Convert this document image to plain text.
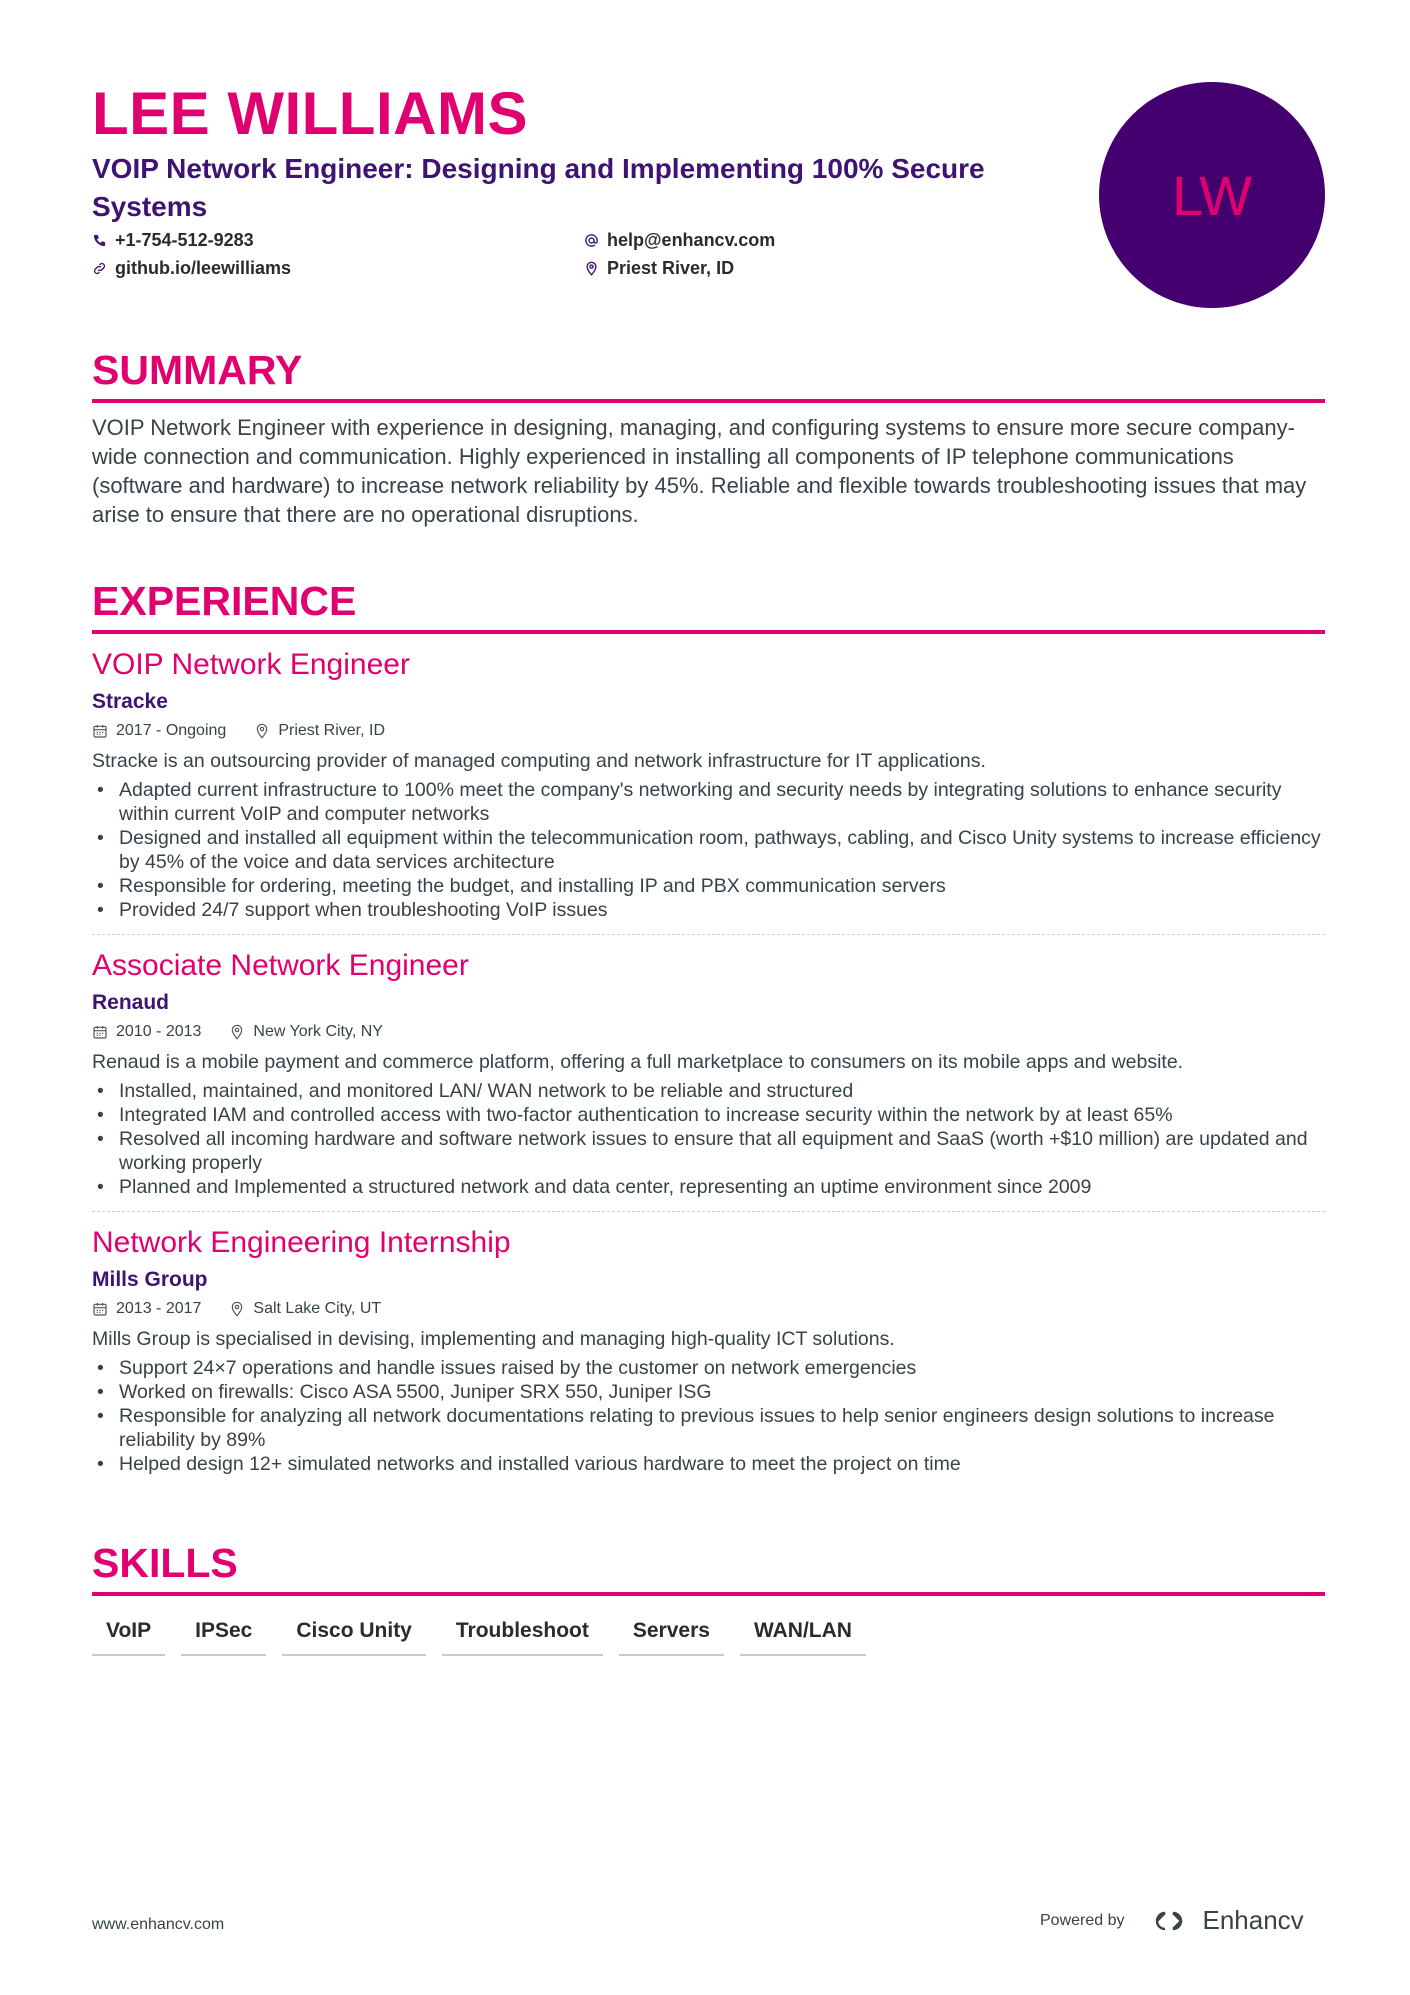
LEE WILLIAMS
VOIP Network Engineer: Designing and Implementing 100% Secure Systems
+1-754-512-9283	help@enhancv.com
github.io/leewilliams	Priest River, ID
LW
SUMMARY
VOIP Network Engineer with experience in designing, managing, and configuring systems to ensure more secure company-wide connection and communication. Highly experienced in installing all components of IP telephone communications (software and hardware) to increase network reliability by 45%. Reliable and flexible towards troubleshooting issues that may arise to ensure that there are no operational disruptions.
EXPERIENCE
VOIP Network Engineer
Stracke
2017 - Ongoing	Priest River, ID
Stracke is an outsourcing provider of managed computing and network infrastructure for IT applications.
• Adapted current infrastructure to 100% meet the company's networking and security needs by integrating solutions to enhance security within current VoIP and computer networks
• Designed and installed all equipment within the telecommunication room, pathways, cabling, and Cisco Unity systems to increase efficiency by 45% of the voice and data services architecture
• Responsible for ordering, meeting the budget, and installing IP and PBX communication servers
• Provided 24/7 support when troubleshooting VoIP issues
Associate Network Engineer
Renaud
2010 - 2013	New York City, NY
Renaud is a mobile payment and commerce platform, offering a full marketplace to consumers on its mobile apps and website.
• Installed, maintained, and monitored LAN/ WAN network to be reliable and structured
• Integrated IAM and controlled access with two-factor authentication to increase security within the network by at least 65%
• Resolved all incoming hardware and software network issues to ensure that all equipment and SaaS (worth +$10 million) are updated and working properly
• Planned and Implemented a structured network and data center, representing an uptime environment since 2009
Network Engineering Internship
Mills Group
2013 - 2017	Salt Lake City, UT
Mills Group is specialised in devising, implementing and managing high-quality ICT solutions.
• Support 24×7 operations and handle issues raised by the customer on network emergencies
• Worked on firewalls: Cisco ASA 5500, Juniper SRX 550, Juniper ISG
• Responsible for analyzing all network documentations relating to previous issues to help senior engineers design solutions to increase reliability by 89%
• Helped design 12+ simulated networks and installed various hardware to meet the project on time
SKILLS
VoIP	IPSec	Cisco Unity	Troubleshoot	Servers	WAN/LAN
www.enhancv.com	Powered by	Enhancv
